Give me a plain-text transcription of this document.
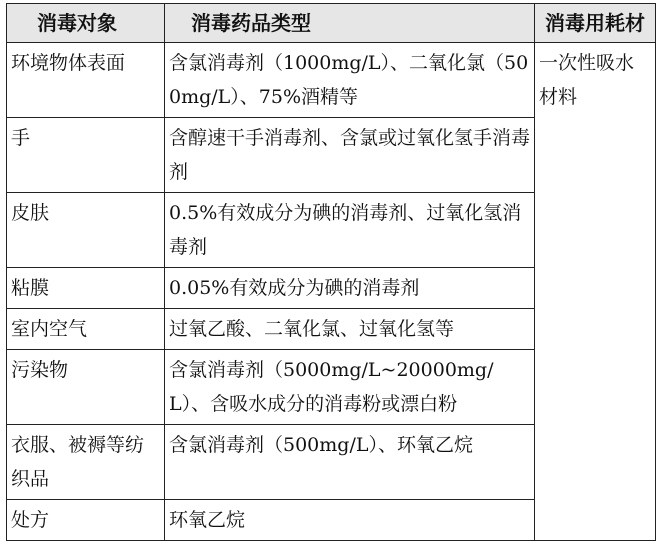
消毒对象	消毒药品类型	消毒用耗材
环境物体表面	含氯消毒剂（1000mg/L）、二氧化氯（500mg/L）、75%酒精等	一次性吸水材料
手	含醇速干手消毒剂、含氯或过氧化氢手消毒剂	
皮肤	0.5%有效成分为碘的消毒剂、过氧化氢消毒剂	
粘膜	0.05%有效成分为碘的消毒剂	
室内空气	过氧乙酸、二氧化氯、过氧化氢等	
污染物	含氯消毒剂（5000mg/L~20000mg/L）、含吸水成分的消毒粉或漂白粉	
衣服、被褥等纺织品	含氯消毒剂（500mg/L）、环氧乙烷	
处方	环氧乙烷	
